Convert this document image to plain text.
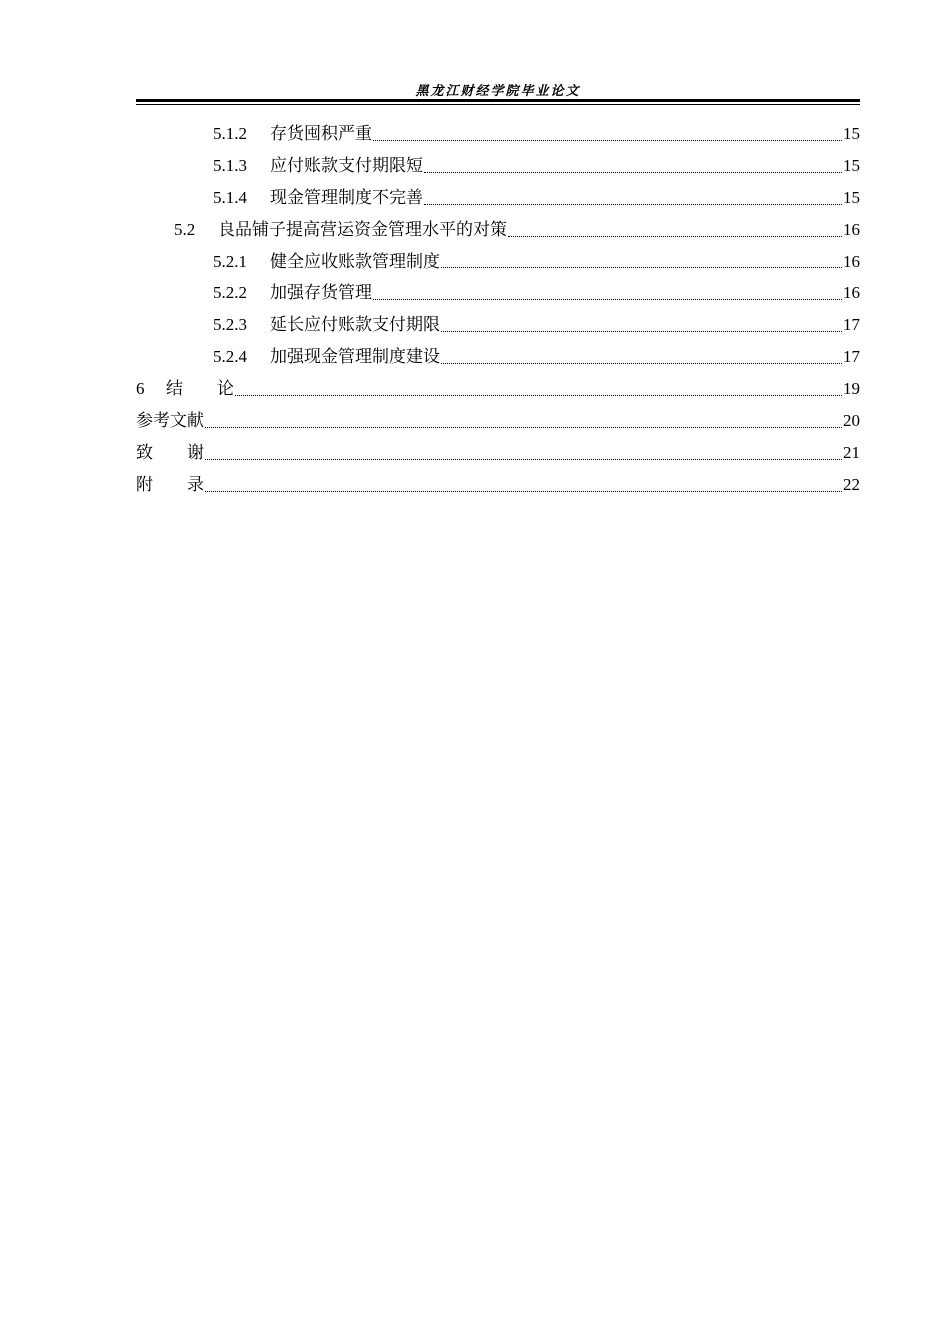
黑龙江财经学院毕业论文
5.1.2 存货囤积严重	15
5.1.3 应付账款支付期限短	15
5.1.4 现金管理制度不完善	15
5.2 良品铺子提高营运资金管理水平的对策	16
5.2.1 健全应收账款管理制度	16
5.2.2 加强存货管理	16
5.2.3 延长应付账款支付期限	17
5.2.4 加强现金管理制度建设	17
6 结　　论	19
参考文献	20
致　　谢	21
附　　录	22
